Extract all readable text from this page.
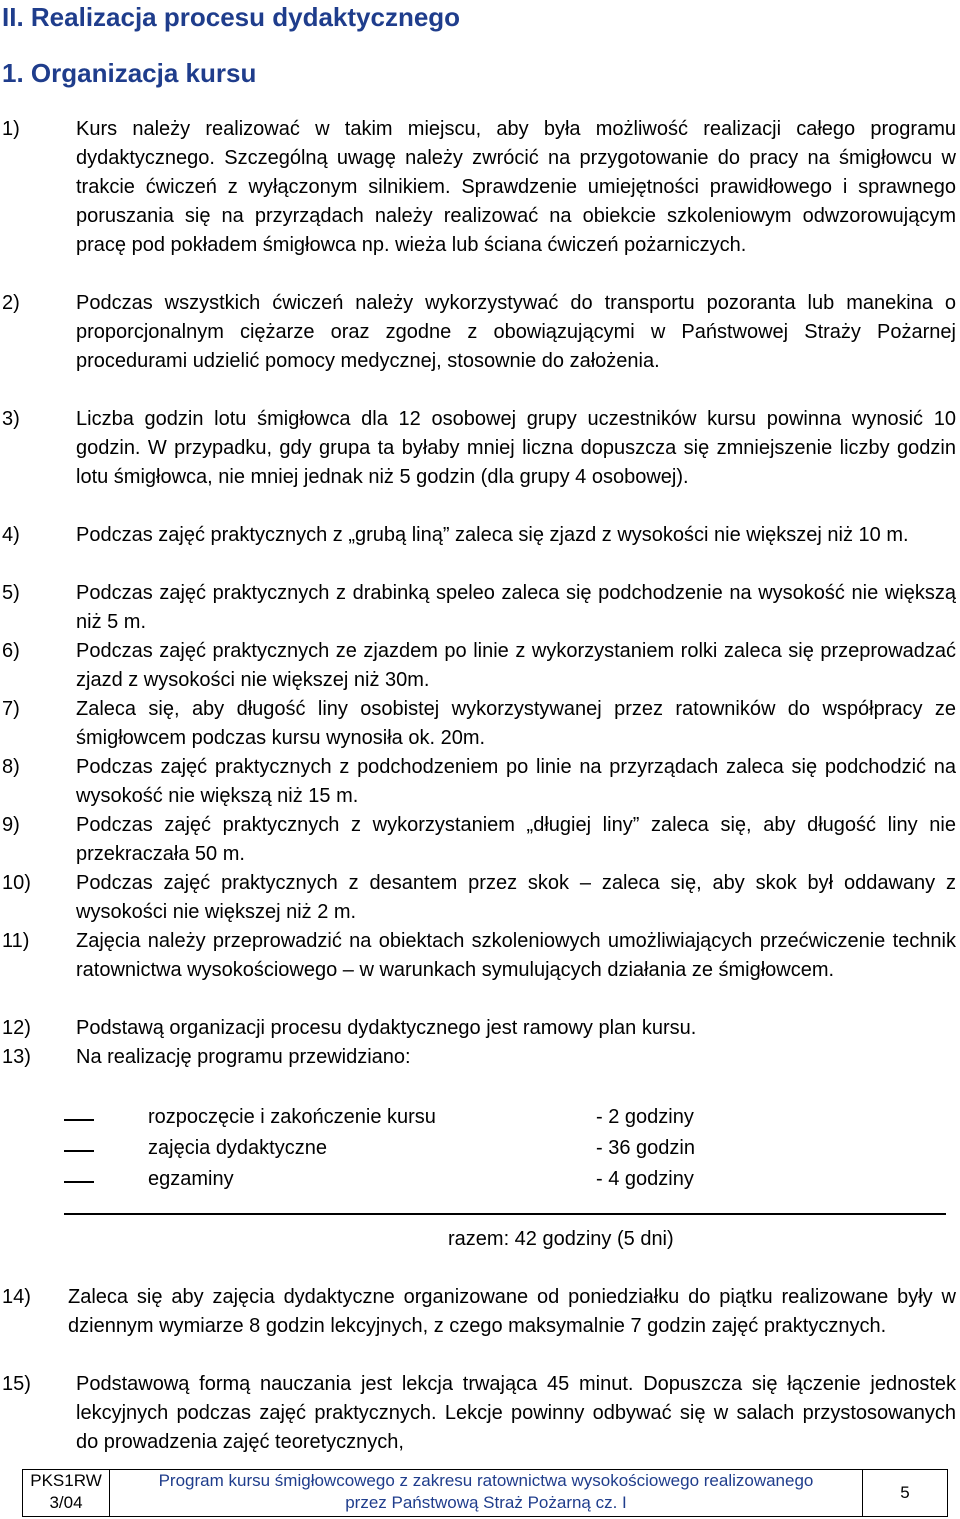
II. Realizacja procesu dydaktycznego
1. Organizacja kursu
1)	Kurs należy realizować w takim miejscu, aby była możliwość realizacji całego programu dydaktycznego. Szczególną uwagę należy zwrócić na przygotowanie do pracy na śmigłowcu w trakcie ćwiczeń z wyłączonym silnikiem. Sprawdzenie umiejętności prawidłowego i sprawnego poruszania się na przyrządach należy realizować na obiekcie szkoleniowym odwzorowującym pracę pod pokładem śmigłowca np. wieża lub ściana ćwiczeń pożarniczych.
2)	Podczas wszystkich ćwiczeń należy wykorzystywać do transportu pozoranta lub manekina o proporcjonalnym ciężarze oraz zgodne z obowiązującymi w Państwowej Straży Pożarnej procedurami udzielić pomocy medycznej, stosownie do założenia.
3)	Liczba godzin lotu śmigłowca dla 12 osobowej grupy uczestników kursu powinna wynosić 10 godzin. W przypadku, gdy grupa ta byłaby mniej liczna dopuszcza się zmniejszenie liczby godzin lotu śmigłowca, nie mniej jednak niż 5 godzin (dla grupy 4 osobowej).
4)	Podczas zajęć praktycznych z „grubą liną” zaleca się zjazd z wysokości nie większej niż 10 m.
5)	Podczas zajęć praktycznych z drabinką speleo zaleca się podchodzenie na wysokość nie większą niż 5 m.
6)	Podczas zajęć praktycznych ze zjazdem po linie z wykorzystaniem rolki zaleca się przeprowadzać zjazd z wysokości nie większej niż 30m.
7)	Zaleca się, aby długość liny osobistej wykorzystywanej przez ratowników do współpracy ze śmigłowcem podczas kursu wynosiła ok. 20m.
8)	Podczas zajęć praktycznych z podchodzeniem po linie na przyrządach zaleca się podchodzić na wysokość nie większą niż 15 m.
9)	Podczas zajęć praktycznych z wykorzystaniem „długiej liny” zaleca się, aby długość liny nie przekraczała 50 m.
10) Podczas zajęć praktycznych z desantem przez skok – zaleca się, aby skok był oddawany z wysokości nie większej niż 2 m.
11) Zajęcia należy przeprowadzić na obiektach szkoleniowych umożliwiających przećwiczenie technik ratownictwa wysokościowego – w warunkach symulujących działania ze śmigłowcem.
12) Podstawą organizacji procesu dydaktycznego jest ramowy plan kursu.
13) Na realizację programu przewidziano:
rozpoczęcie i zakończenie kursu	- 2 godziny
zajęcia dydaktyczne	- 36 godzin
egzaminy	- 4 godziny
razem: 42 godziny (5 dni)
14) Zaleca się aby zajęcia dydaktyczne organizowane od poniedziałku do piątku realizowane były w dziennym wymiarze 8 godzin lekcyjnych, z czego maksymalnie 7 godzin zajęć praktycznych.
15) Podstawową formą nauczania jest lekcja trwająca 45 minut. Dopuszcza się łączenie jednostek lekcyjnych podczas zajęć praktycznych. Lekcje powinny odbywać się w salach przystosowanych do prowadzenia zajęć teoretycznych,
PKS1RW
3/04
Program kursu śmigłowcowego z zakresu ratownictwa wysokościowego realizowanego
przez Państwową Straż Pożarną cz. I
5
